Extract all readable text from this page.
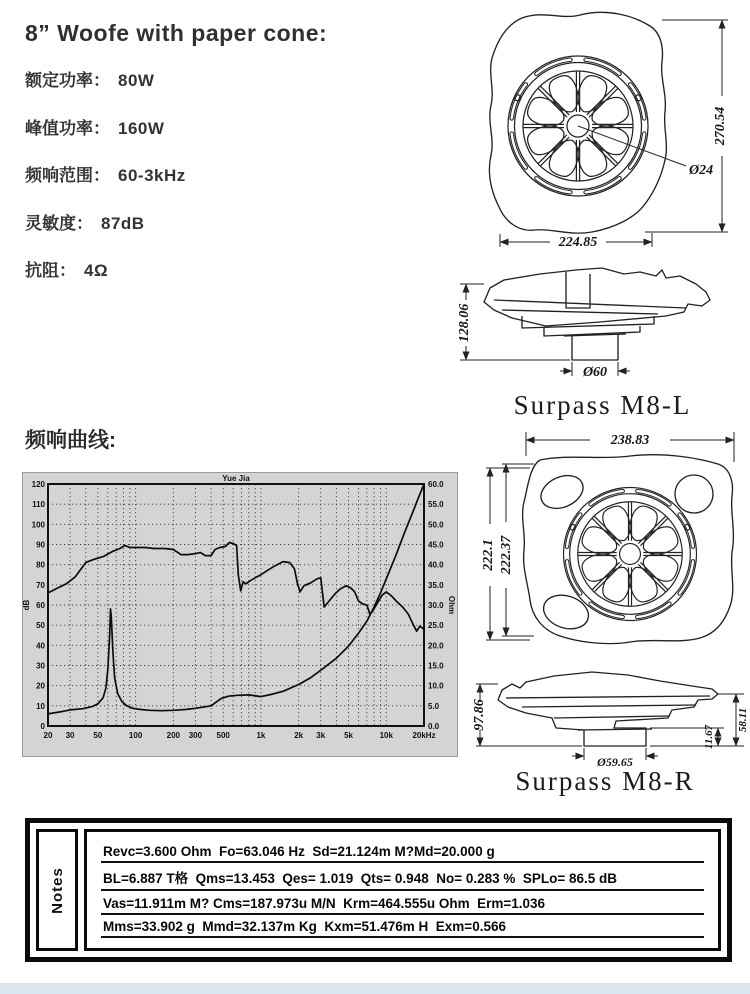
8” Woofe with paper cone:
额定功率： 80W
峰值功率： 160W
频响范围： 60-3kHz
灵敏度： 87dB
抗阻： 4Ω
频响曲线:
0
10
20
30
40
50
60
70
80
90
100
110
120
0.0
5.0
10.0
15.0
20.0
25.0
30.0
35.0
40.0
45.0
50.0
55.0
60.0
20 30 50	100	200 300 500	1k	2k 3k 5k	10k 20kHz
Yue Jia
dB	Ohm
270.54
224.85
Ø24
128.06
Ø60
Surpass M8-L
238.83
222.1 222.37
97.86
Ø59.65
11.67
58.11
Surpass M8-R
Notes
Revc=3.600 Ohm  Fo=63.046 Hz  Sd=21.124m M?Md=20.000 g
BL=6.887 T格  Qms=13.453  Qes= 1.019  Qts= 0.948  No= 0.283 %  SPLo= 86.5 dB
Vas=11.911m M? Cms=187.973u M/N  Krm=464.555u Ohm  Erm=1.036
Mms=33.902 g  Mmd=32.137m Kg  Kxm=51.476m H  Exm=0.566
